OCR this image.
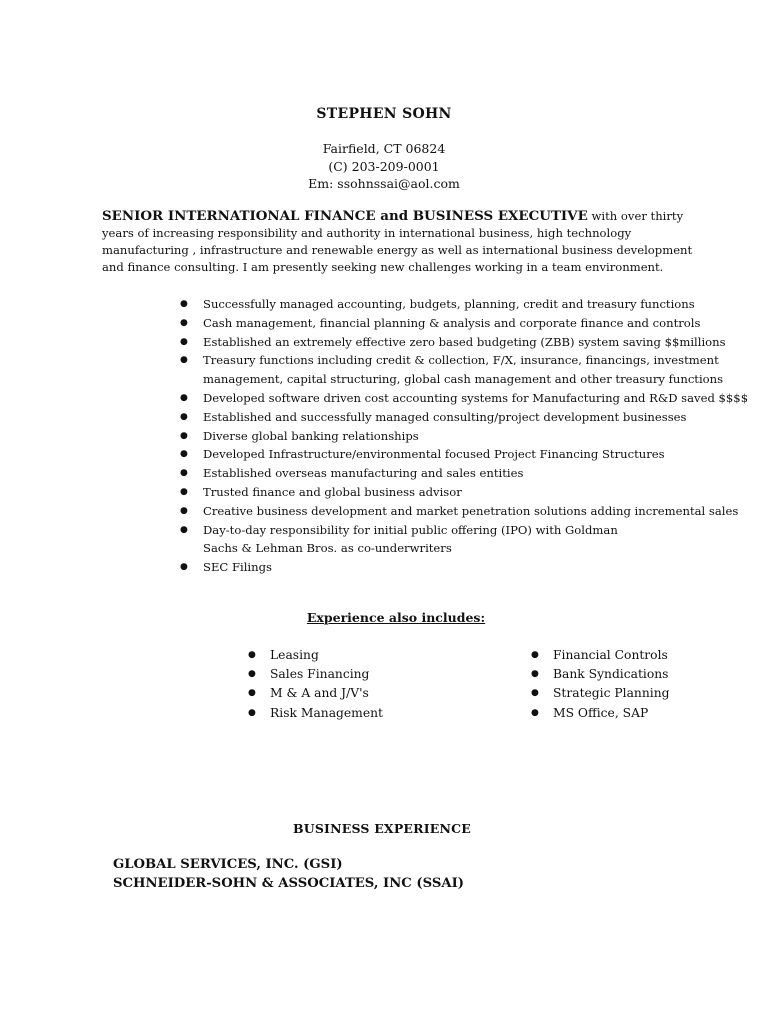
STEPHEN SOHN
Fairfield, CT 06824
(C) 203-209-0001
Em: ssohnssai@aol.com
SENIOR INTERNATIONAL FINANCE and BUSINESS EXECUTIVE with over thirty
years of increasing responsibility and authority in international business, high technology
manufacturing , infrastructure and renewable energy as well as international business development
and finance consulting. I am presently seeking new challenges working in a team environment.
● Successfully managed accounting, budgets, planning, credit and treasury functions
● Cash management, financial planning & analysis and corporate finance and controls
● Established an extremely effective zero based budgeting (ZBB) system saving $$millions
● Treasury functions including credit & collection, F/X, insurance, financings, investment
management, capital structuring, global cash management and other treasury functions
● Developed software driven cost accounting systems for Manufacturing and R&D saved $$$$
● Established and successfully managed consulting/project development businesses
● Diverse global banking relationships
● Developed Infrastructure/environmental focused Project Financing Structures
● Established overseas manufacturing and sales entities
● Trusted finance and global business advisor
● Creative business development and market penetration solutions adding incremental sales
● Day-to-day responsibility for initial public offering (IPO) with Goldman
Sachs & Lehman Bros. as co-underwriters
● SEC Filings
Experience also includes:
● Leasing
● Sales Financing
● M & A and J/V's
● Risk Management
● Financial Controls
● Bank Syndications
● Strategic Planning
● MS Office, SAP
BUSINESS EXPERIENCE
GLOBAL SERVICES, INC. (GSI)
SCHNEIDER-SOHN & ASSOCIATES, INC (SSAI)
